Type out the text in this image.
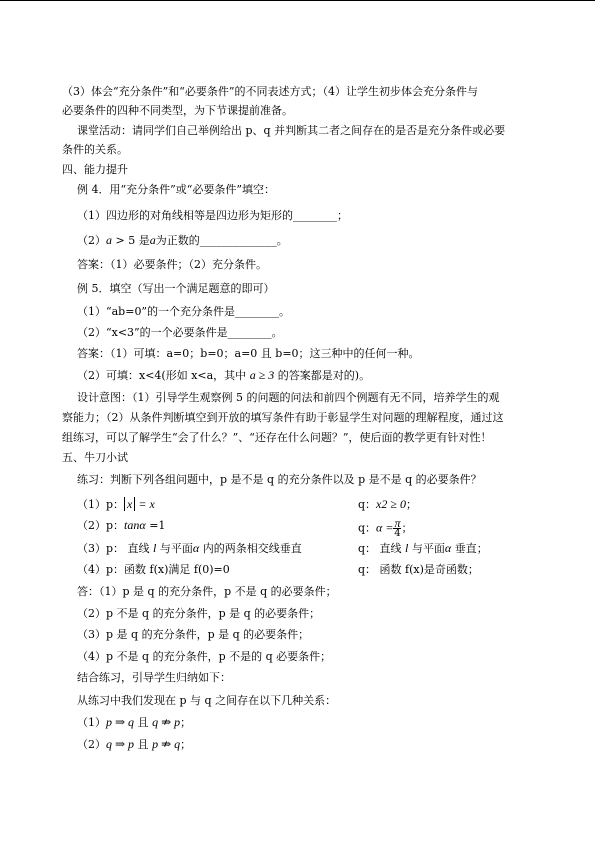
（3）体会“充分条件”和“必要条件”的不同表述方式；（4）让学生初步体会充分条件与
必要条件的四种不同类型，为下节课提前准备。
课堂活动：请同学们自己举例给出 p、q 并判断其二者之间存在的是否是充分条件或必要
条件的关系。
四、能力提升
例 4．用“充分条件”或“必要条件”填空：
（1）四边形的对角线相等是四边形为矩形的________；
（2）a > 5 是a为正数的______________。
答案：（1）必要条件；（2）充分条件。
例 5．填空（写出一个满足题意的即可）
（1）“ab=0”的一个充分条件是________。
（2）“x<3”的一个必要条件是________。
答案：（1）可填：a=0；b=0；a=0 且 b=0；这三种中的任何一种。
（2）可填：x<4(形如 x<a，其中 a ≥ 3 的答案都是对的)。
设计意图：（1）引导学生观察例 5 的问题的问法和前四个例题有无不同，培养学生的观
察能力；（2）从条件判断填空到开放的填写条件有助于彰显学生对问题的理解程度，通过这
组练习，可以了解学生“会了什么？”、“还存在什么问题？”，使后面的教学更有针对性！
五、牛刀小试
练习：判断下列各组问题中，p 是不是 q 的充分条件以及 p 是不是 q 的必要条件？
（1）p： x = x	q：x2 ≥ 0；
（2）p：tanα =1	q：$\alpha = \frac{\pi}{4}$ ；
（3）p： 直线 l 与平面α 内的两条相交线垂直	q： 直线 l 与平面α 垂直；
（4）p：函数 f(x)满足 f(0)=0	q： 函数 f(x)是奇函数；
答：（1）p 是 q 的充分条件，p 不是 q 的必要条件；
（2）p 不是 q 的充分条件，p 是 q 的必要条件；
（3）p 是 q 的充分条件，p 是 q 的必要条件；
（4）p 不是 q 的充分条件，p 不是的 q 必要条件；
结合练习，引导学生归纳如下：
从练习中我们发现在 p 与 q 之间存在以下几种关系：
（1）p ⇒ q 且 q ⇏ p；
（2）q ⇒ p 且 p ⇏ q；
